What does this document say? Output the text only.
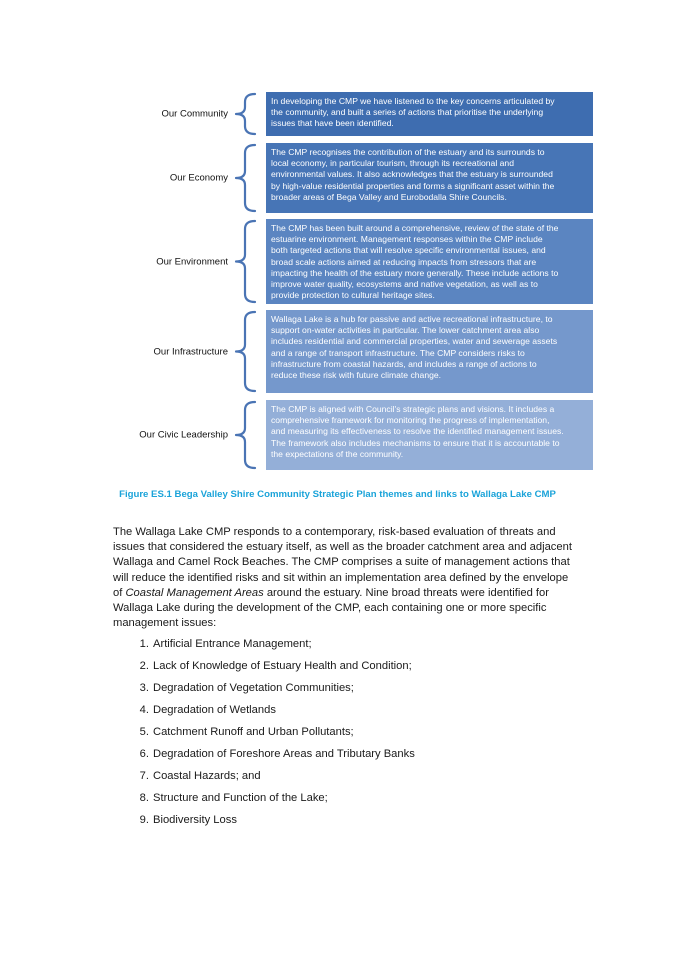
Our Community
In developing the CMP we have listened to the key concerns articulated by
the community, and built a series of actions that prioritise the underlying
issues that have been identified.
Our Economy
The CMP recognises the contribution of the estuary and its surrounds to
local economy, in particular tourism, through its recreational and
environmental values. It also acknowledges that the estuary is surrounded
by high-value residential properties and forms a significant asset within the
broader areas of Bega Valley and Eurobodalla Shire Councils.
Our Environment
The CMP has been built around a comprehensive, review of the state of the
estuarine environment. Management responses within the CMP include
both targeted actions that will resolve specific environmental issues, and
broad scale actions aimed at reducing impacts from stressors that are
impacting the health of the estuary more generally. These include actions to
improve water quality, ecosystems and native vegetation, as well as to
provide protection to cultural heritage sites.
Our Infrastructure
Wallaga Lake is a hub for passive and active recreational infrastructure, to
support on-water activities in particular. The lower catchment area also
includes residential and commercial properties, water and sewerage assets
and a range of transport infrastructure. The CMP considers risks to
infrastructure from coastal hazards, and includes a range of actions to
reduce these risk with future climate change.
Our Civic Leadership
The CMP is aligned with Council's strategic plans and visions. It includes a
comprehensive framework for monitoring the progress of implementation,
and measuring its effectiveness to resolve the identified management issues.
The framework also includes mechanisms to ensure that it is accountable to
the expectations of the community.
Figure ES.1 Bega Valley Shire Community Strategic Plan themes and links to Wallaga Lake CMP

The Wallaga Lake CMP responds to a contemporary, risk-based evaluation of threats and issues that considered the estuary itself, as well as the broader catchment area and adjacent Wallaga and Camel Rock Beaches. The CMP comprises a suite of management actions that will reduce the identified risks and sit within an implementation area defined by the envelope of Coastal Management Areas around the estuary. Nine broad threats were identified for Wallaga Lake during the development of the CMP, each containing one or more specific management issues:

1. Artificial Entrance Management;
2. Lack of Knowledge of Estuary Health and Condition;
3. Degradation of Vegetation Communities;
4. Degradation of Wetlands
5. Catchment Runoff and Urban Pollutants;
6. Degradation of Foreshore Areas and Tributary Banks
7. Coastal Hazards; and
8. Structure and Function of the Lake;
9. Biodiversity Loss
